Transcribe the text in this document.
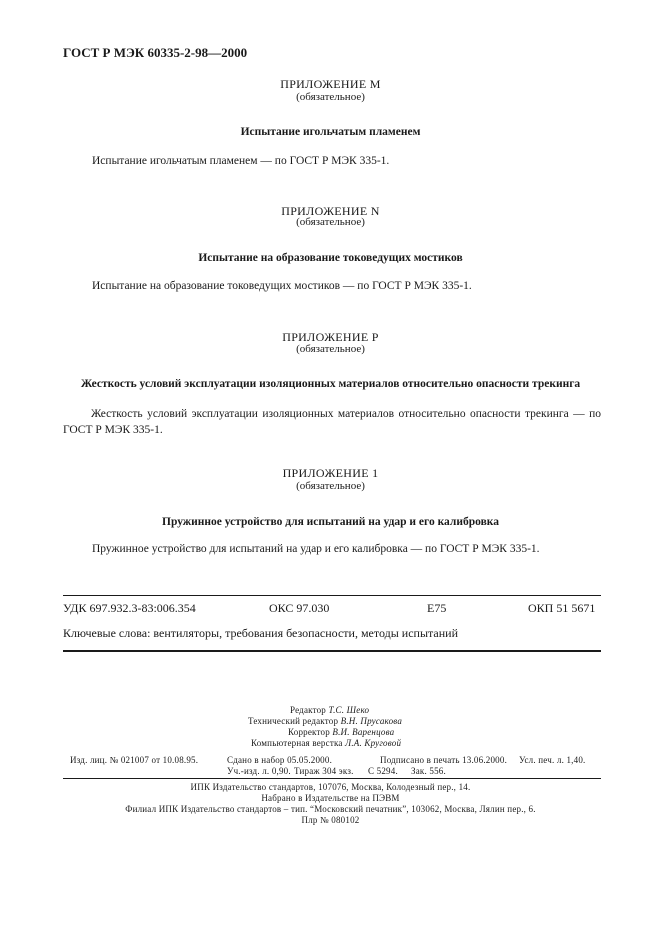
ГОСТ Р МЭК 60335-2-98—2000
ПРИЛОЖЕНИЕ M
(обязательное)
Испытание игольчатым пламенем
Испытание игольчатым пламенем — по ГОСТ Р МЭК 335-1.
ПРИЛОЖЕНИЕ N
(обязательное)
Испытание на образование токоведущих мостиков
Испытание на образование токоведущих мостиков — по ГОСТ Р МЭК 335-1.
ПРИЛОЖЕНИЕ P
(обязательное)
Жесткость условий эксплуатации изоляционных материалов относительно опасности трекинга
Жесткость условий эксплуатации изоляционных материалов относительно опасности трекинга — по ГОСТ Р МЭК 335-1.
ПРИЛОЖЕНИЕ 1
(обязательное)
Пружинное устройство для испытаний на удар и его калибровка
Пружинное устройство для испытаний на удар и его калибровка — по ГОСТ Р МЭК 335-1.
УДК 697.932.3-83:006.354	ОКС 97.030	Е75	ОКП 51 5671
Ключевые слова: вентиляторы, требования безопасности, методы испытаний
Редактор Т.С. Шеко
Технический редактор В.Н. Прусакова
Корректор В.И. Варенцова
Компьютерная верстка Л.А. Круговой
Изд. лиц. № 021007 от 10.08.95.	Сдано в набор 05.05.2000.	Подписано в печать 13.06.2000. Усл. печ. л. 1,40.
Уч.-изд. л. 0,90. Тираж 304 экз. С 5294. Зак. 556.
ИПК Издательство стандартов, 107076, Москва, Колодезный пер., 14.
Набрано в Издательстве на ПЭВМ
Филиал ИПК Издательство стандартов – тип. “Московский печатник”, 103062, Москва, Лялин пер., 6.
Плр № 080102
